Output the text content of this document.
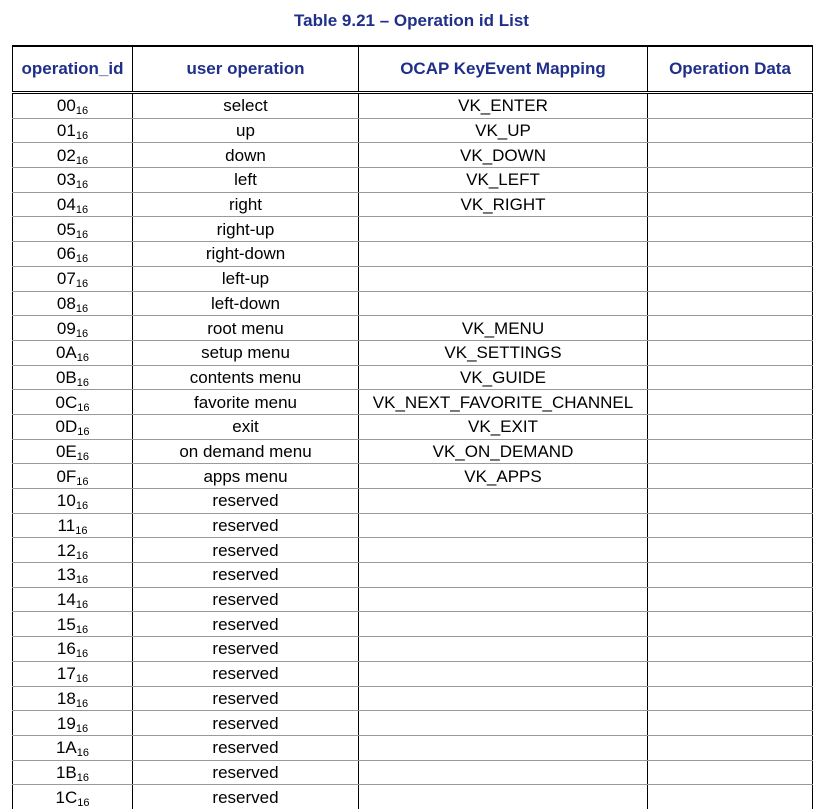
Table 9.21 – Operation id List
operation_id	user operation	OCAP KeyEvent Mapping	Operation Data
$00_{16}$	select	VK_ENTER	
$01_{16}$	up	VK_UP	
$02_{16}$	down	VK_DOWN	
$03_{16}$	left	VK_LEFT	
$04_{16}$	right	VK_RIGHT	
$05_{16}$	right-up		
$06_{16}$	right-down		
$07_{16}$	left-up		
$08_{16}$	left-down		
$09_{16}$	root menu	VK_MENU	
$0A_{16}$	setup menu	VK_SETTINGS	
$0B_{16}$	contents menu	VK_GUIDE	
$0C_{16}$	favorite menu	VK_NEXT_FAVORITE_CHANNEL	
$0D_{16}$	exit	VK_EXIT	
$0E_{16}$	on demand menu	VK_ON_DEMAND	
$0F_{16}$	apps menu	VK_APPS	
$10_{16}$	reserved		
$11_{16}$	reserved		
$12_{16}$	reserved		
$13_{16}$	reserved		
$14_{16}$	reserved		
$15_{16}$	reserved		
$16_{16}$	reserved		
$17_{16}$	reserved		
$18_{16}$	reserved		
$19_{16}$	reserved		
$1A_{16}$	reserved		
$1B_{16}$	reserved		
$1C_{16}$	reserved		
